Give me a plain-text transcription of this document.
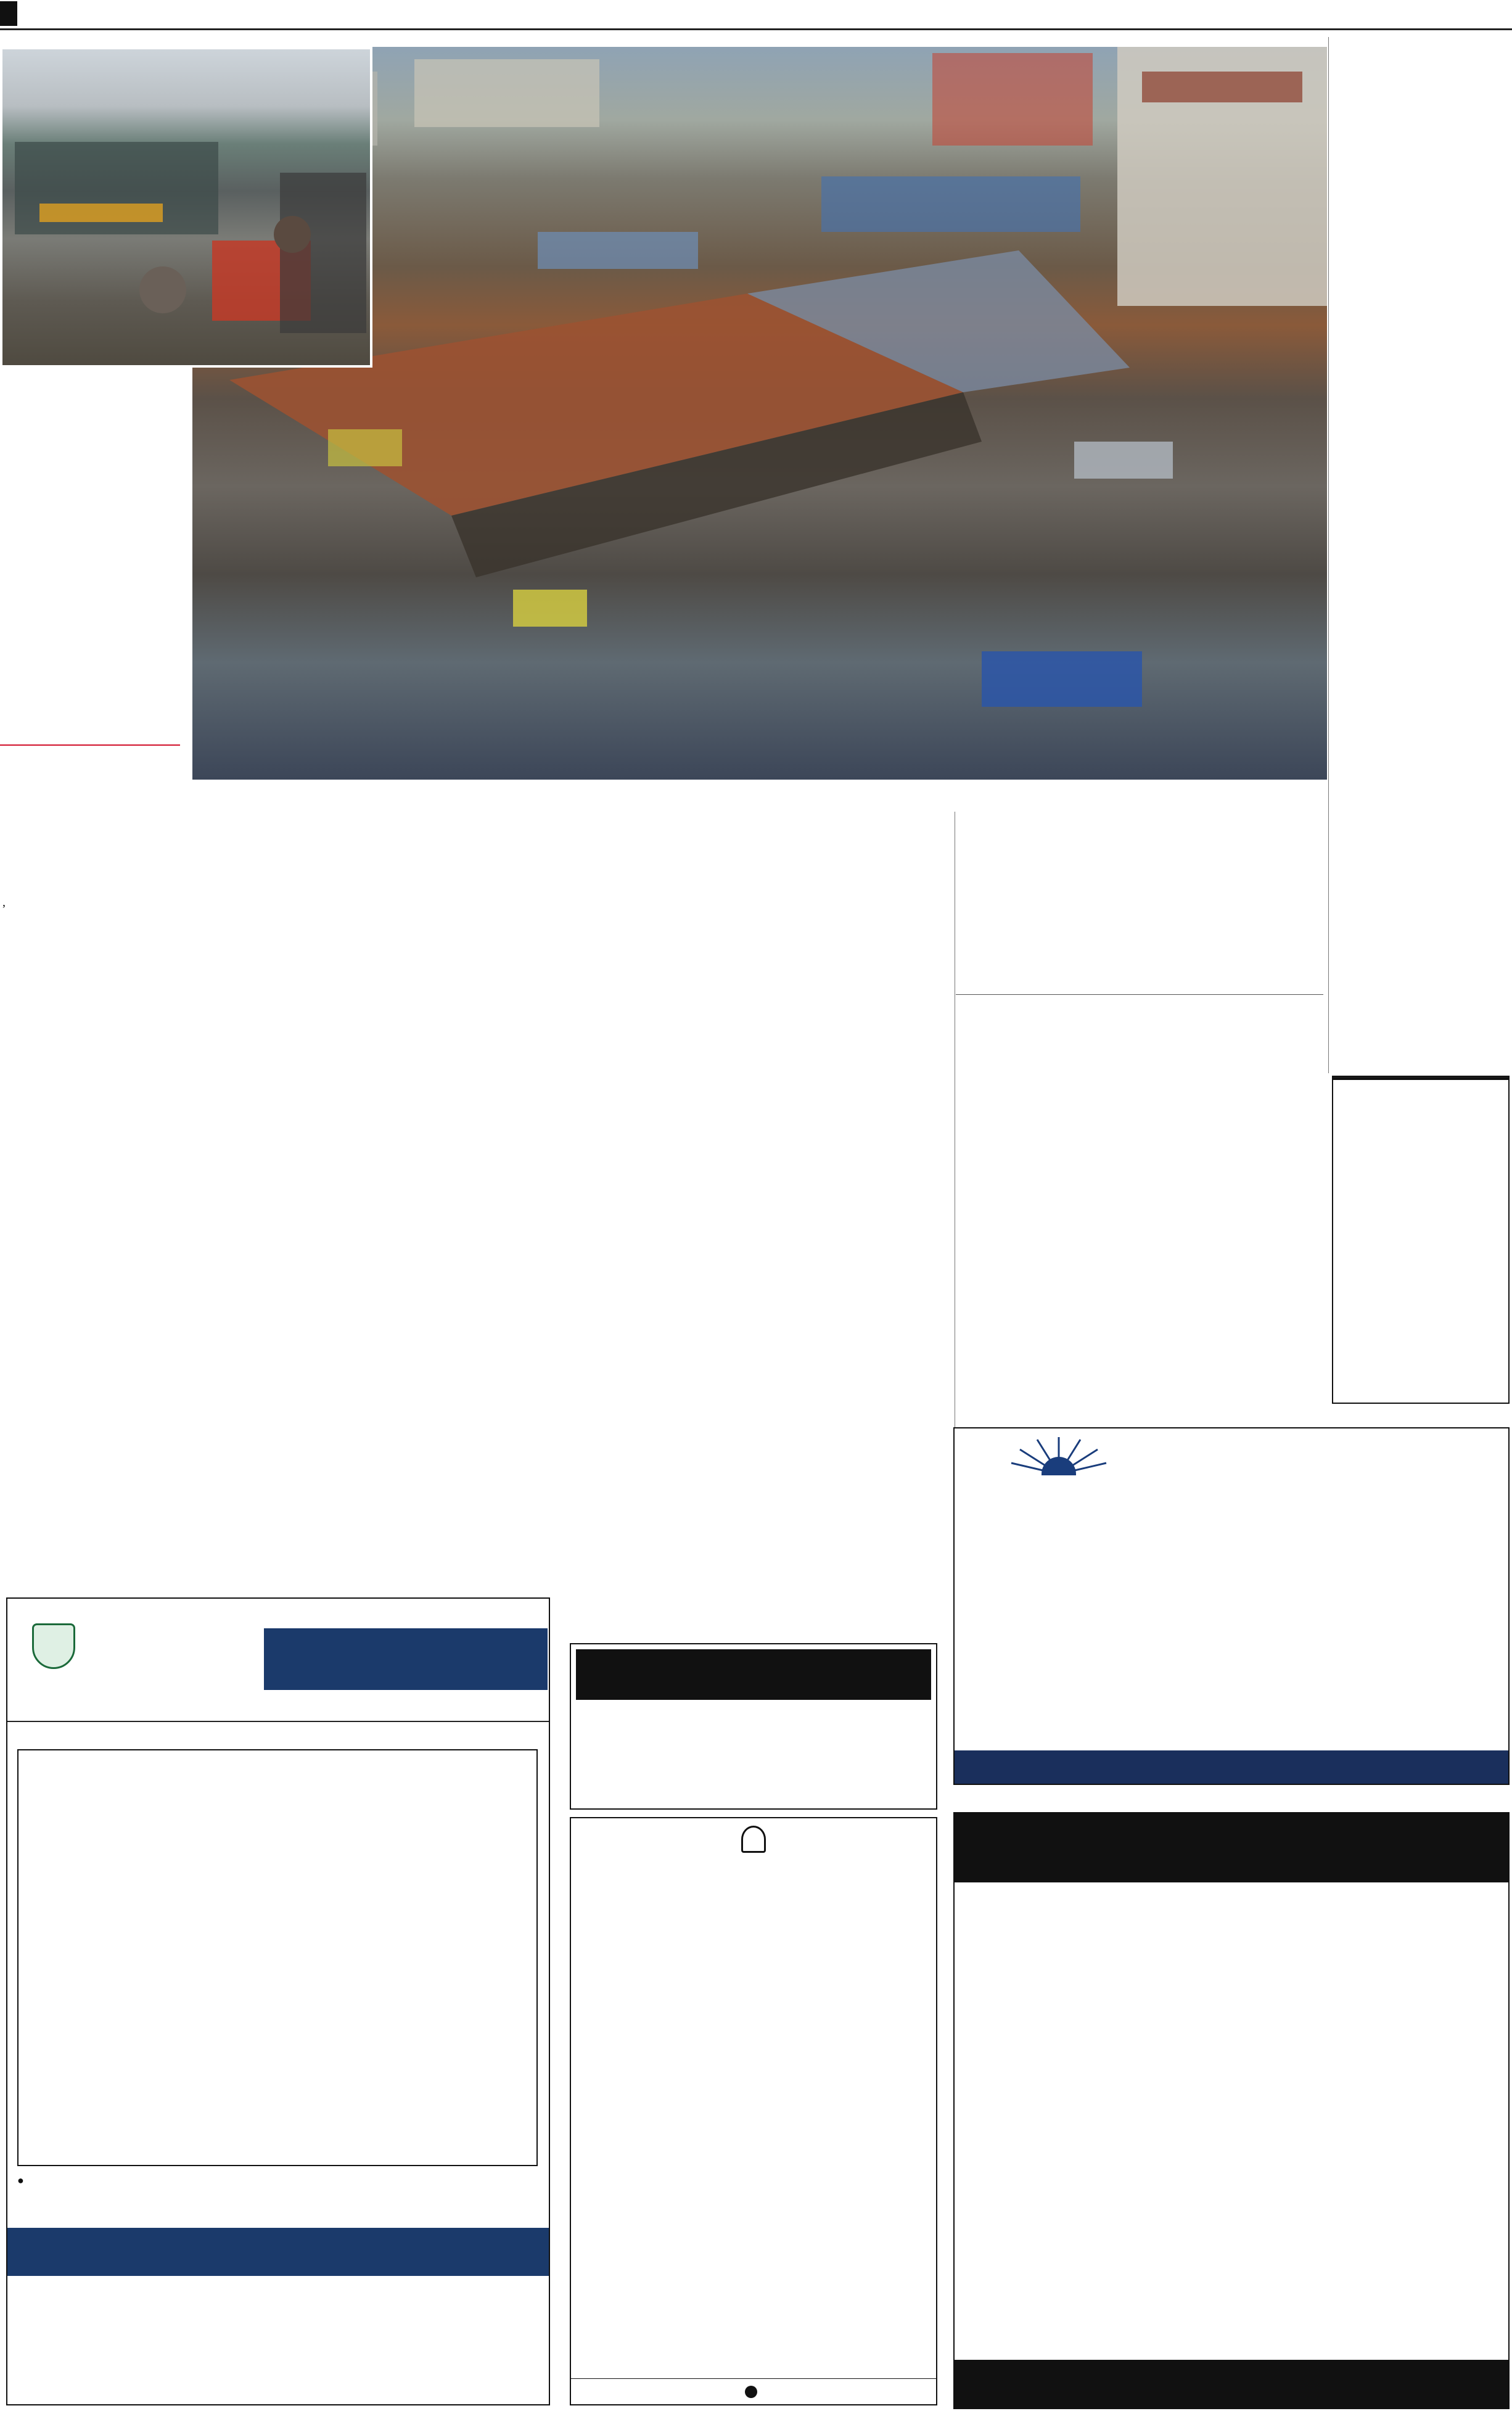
,

●
